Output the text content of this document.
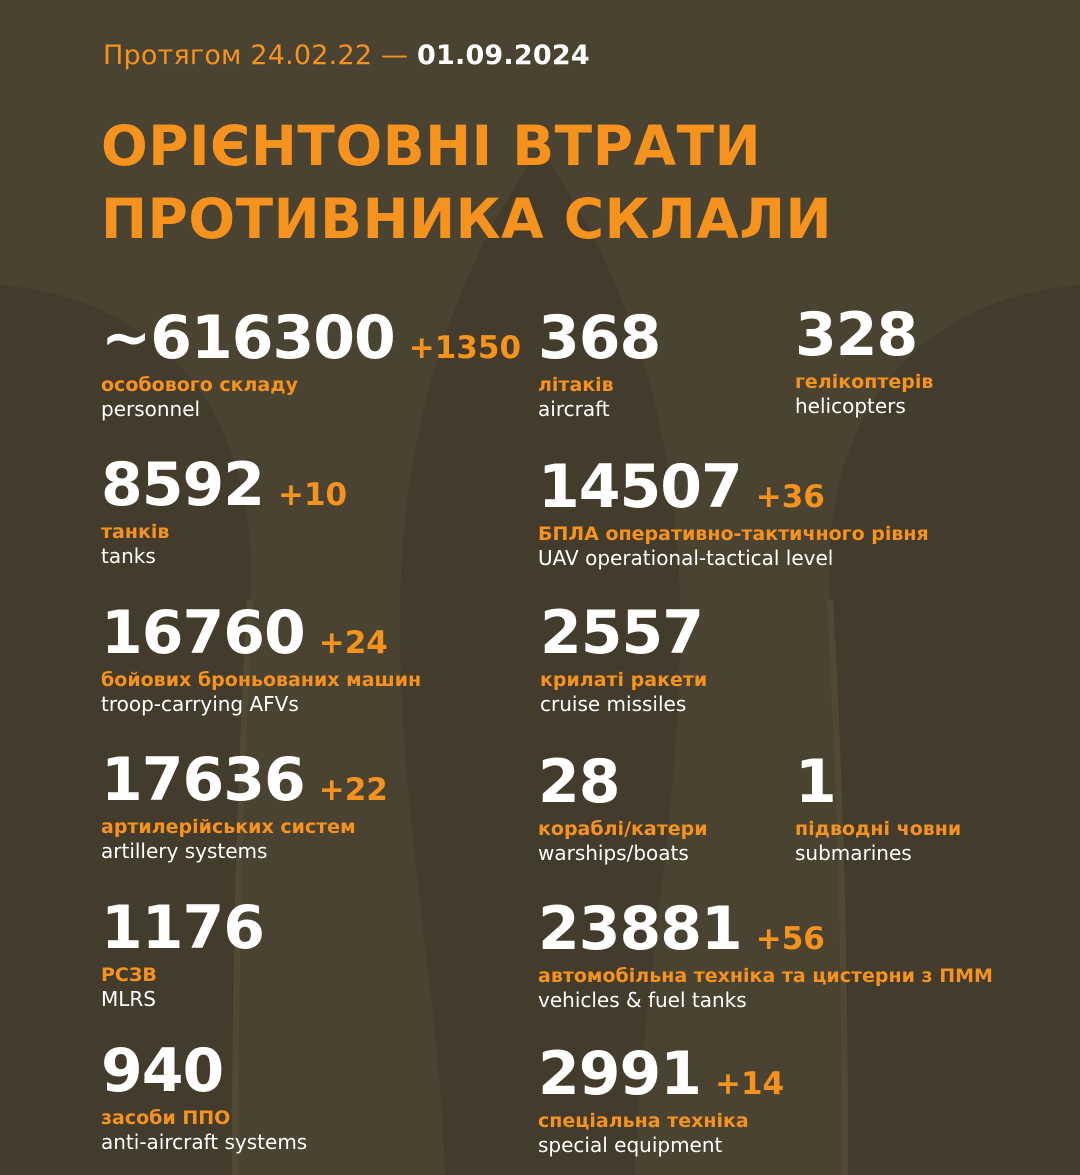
Протягом 24.02.22 — 01.09.2024
ОРІЄНТОВНІ ВТРАТИ
ПРОТИВНИКА СКЛАЛИ
~616300 +1350
особового складу
personnel
8592 +10
танків
tanks
16760 +24
бойових броньованих машин
troop-carrying AFVs
17636 +22
артилерійських систем
artillery systems
1176
РСЗВ
MLRS
940
засоби ППО
anti-aircraft systems
368
літаків
aircraft
328
гелікоптерів
helicopters
14507 +36
БПЛА оперативно-тактичного рівня
UAV operational-tactical level
2557
крилаті ракети
cruise missiles
28
кораблі/катери
warships/boats
1
підводні човни
submarines
23881 +56
автомобільна техніка та цистерни з ПММ
vehicles & fuel tanks
2991 +14
спеціальна техніка
special equipment
